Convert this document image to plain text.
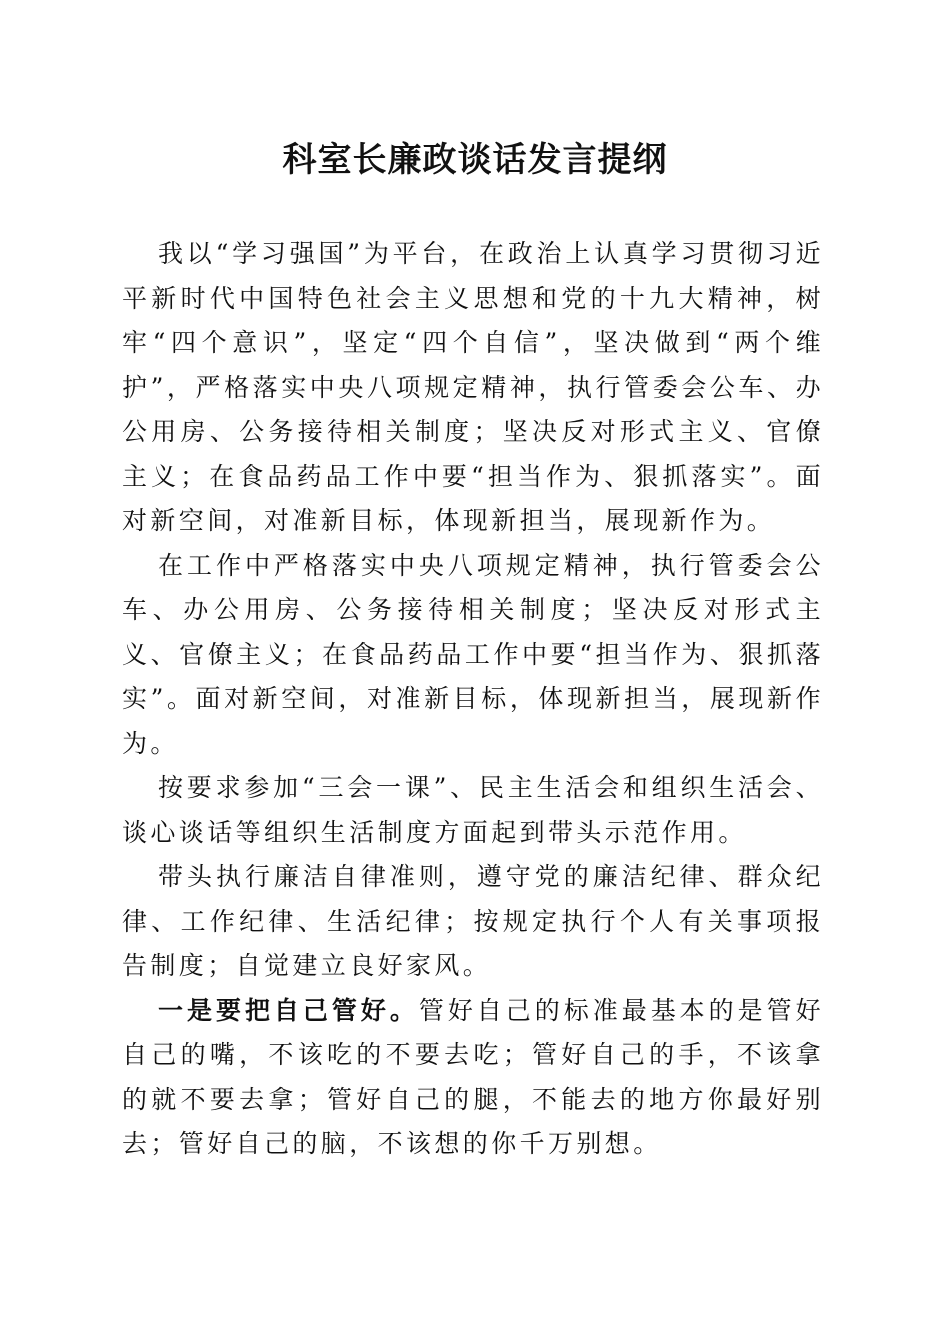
科室长廉政谈话发言提纲

我以“学习强国”为平台，在政治上认真学习贯彻习近平新时代中国特色社会主义思想和党的十九大精神，树牢“四个意识”，坚定“四个自信”，坚决做到“两个维护”，严格落实中央八项规定精神，执行管委会公车、办公用房、公务接待相关制度；坚决反对形式主义、官僚主义；在食品药品工作中要“担当作为、狠抓落实”。面对新空间，对准新目标，体现新担当，展现新作为。

在工作中严格落实中央八项规定精神，执行管委会公车、办公用房、公务接待相关制度；坚决反对形式主义、官僚主义；在食品药品工作中要“担当作为、狠抓落实”。面对新空间，对准新目标，体现新担当，展现新作为。

按要求参加“三会一课”、民主生活会和组织生活会、谈心谈话等组织生活制度方面起到带头示范作用。

带头执行廉洁自律准则，遵守党的廉洁纪律、群众纪律、工作纪律、生活纪律；按规定执行个人有关事项报告制度；自觉建立良好家风。

一是要把自己管好。管好自己的标准最基本的是管好自己的嘴，不该吃的不要去吃；管好自己的手，不该拿的就不要去拿；管好自己的腿，不能去的地方你最好别去；管好自己的脑，不该想的你千万别想。
